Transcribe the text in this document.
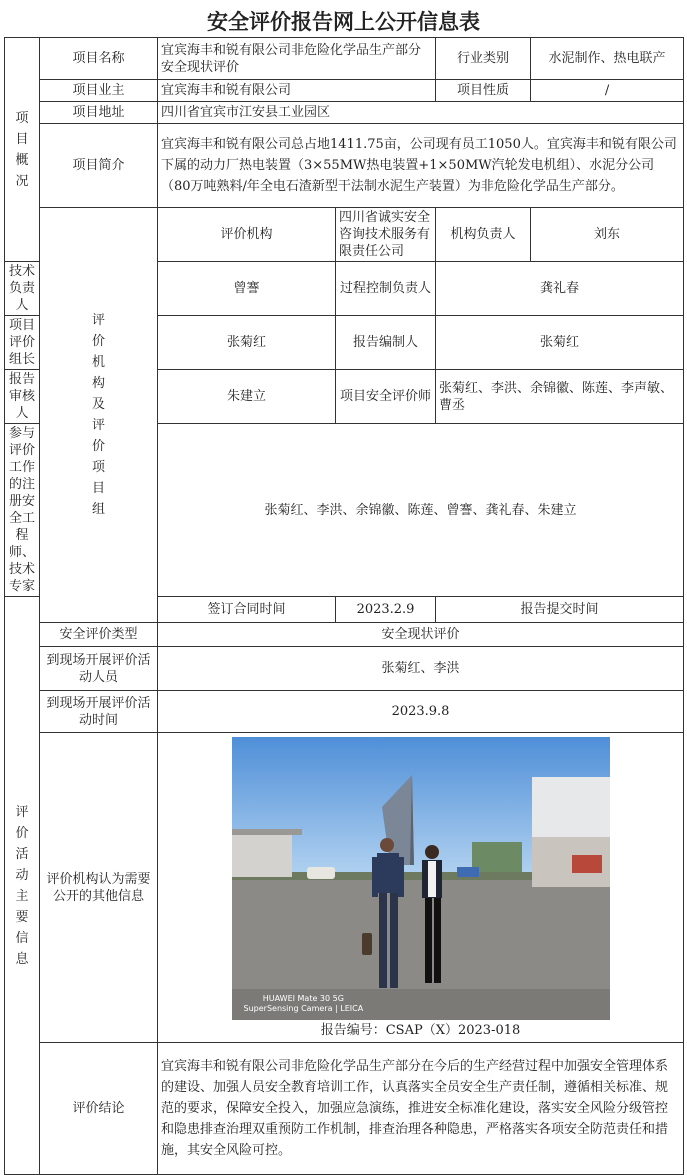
安全评价报告网上公开信息表
项目概况	项目名称	宜宾海丰和锐有限公司非危险化学品生产部分安全现状评价		行业类别	水泥制作、热电联产	
	项目业主	宜宾海丰和锐有限公司		项目性质	/	
	项目地址	四川省宜宾市江安县工业园区				
	项目简介	宜宾海丰和锐有限公司总占地1411.75亩，公司现有员工1050人。宜宾海丰和锐有限公司下属的动力厂热电装置（3×55MW热电装置+1×50MW汽轮发电机组）、水泥分公司（80万吨熟料/年全电石渣新型干法制水泥生产装置）为非危险化学品生产部分。				
	评价机构及评价项目组	评价机构	四川省诚实安全咨询技术服务有限责任公司	机构负责人	刘东	
技术负责人		曾謇	过程控制负责人	龚礼春		
项目评价组长		张菊红	报告编制人	张菊红		
报告审核人		朱建立	项目安全评价师	张菊红、李洪、余锦徽、陈莲、李声敏、曹丞		
参与评价工作的注册安全工程师、技术专家		张菊红、李洪、余锦徽、陈莲、曾謇、龚礼春、朱建立				
评价活动主要信息		签订合同时间	2023.2.9	报告提交时间	
	安全评价类型	安全现状评价				
	到现场开展评价活动人员	张菊红、李洪				
	到现场开展评价活动时间	2023.9.8				
	评价机构认为需要公开的其他信息	HUAWEI Mate 30 5G
SuperSensing Camera | LEICA
报告编号：CSAP（X）2023-018				

	评价结论	宜宾海丰和锐有限公司非危险化学品生产部分在今后的生产经营过程中加强安全管理体系的建设、加强人员安全教育培训工作，认真落实全员安全生产责任制，遵循相关标准、规范的要求，保障安全投入，加强应急演练，推进安全标准化建设，落实安全风险分级管控和隐患排查治理双重预防工作机制，排查治理各种隐患，严格落实各项安全防范责任和措施，其安全风险可控。				
